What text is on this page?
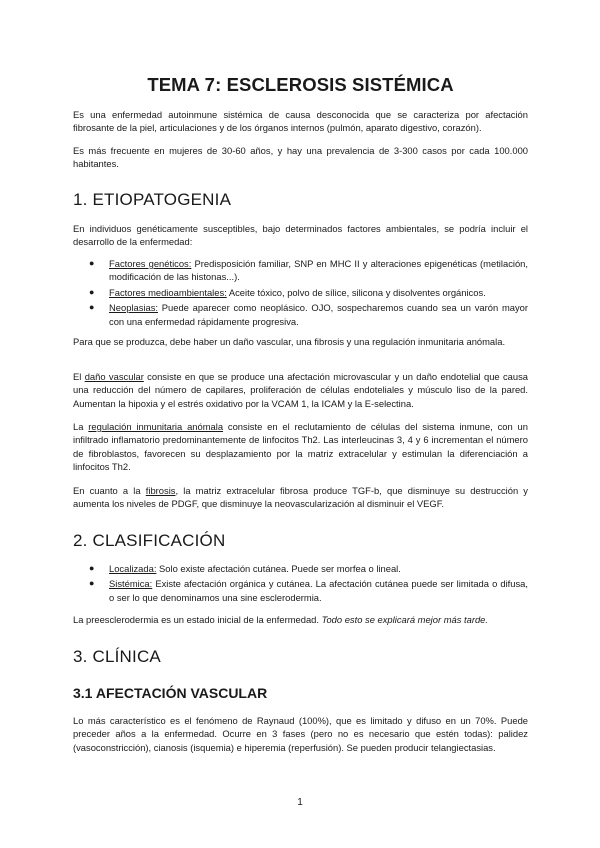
TEMA 7: ESCLEROSIS SISTÉMICA

Es una enfermedad autoinmune sistémica de causa desconocida que se caracteriza por afectación fibrosante de la piel, articulaciones y de los órganos internos (pulmón, aparato digestivo, corazón).

Es más frecuente en mujeres de 30-60 años, y hay una prevalencia de 3-300 casos por cada 100.000 habitantes.

1. ETIOPATOGENIA

En individuos genéticamente susceptibles, bajo determinados factores ambientales, se podría incluir el desarrollo de la enfermedad:

● Factores genéticos: Predisposición familiar, SNP en MHC II y alteraciones epigenéticas (metilación, modificación de las histonas...).
● Factores medioambientales: Aceite tóxico, polvo de sílice, silicona y disolventes orgánicos.
● Neoplasias: Puede aparecer como neoplásico. OJO, sospecharemos cuando sea un varón mayor con una enfermedad rápidamente progresiva.

Para que se produzca, debe haber un daño vascular, una fibrosis y una regulación inmunitaria anómala.

El daño vascular consiste en que se produce una afectación microvascular y un daño endotelial que causa una reducción del número de capilares, proliferación de células endoteliales y músculo liso de la pared. Aumentan la hipoxia y el estrés oxidativo por la VCAM 1, la ICAM y la E-selectina.

La regulación inmunitaria anómala consiste en el reclutamiento de células del sistema inmune, con un infiltrado inflamatorio predominantemente de linfocitos Th2. Las interleucinas 3, 4 y 6 incrementan el número de fibroblastos, favorecen su desplazamiento por la matriz extracelular y estimulan la diferenciación a linfocitos Th2.

En cuanto a la fibrosis, la matriz extracelular fibrosa produce TGF-b, que disminuye su destrucción y aumenta los niveles de PDGF, que disminuye la neovascularización al disminuir el VEGF.

2. CLASIFICACIÓN
● Localizada: Solo existe afectación cutánea. Puede ser morfea o lineal.
● Sistémica: Existe afectación orgánica y cutánea. La afectación cutánea puede ser limitada o difusa, o ser lo que denominamos una sine esclerodermia.

La preesclerodermia es un estado inicial de la enfermedad. Todo esto se explicará mejor más tarde.

3. CLÍNICA
3.1 AFECTACIÓN VASCULAR

Lo más característico es el fenómeno de Raynaud (100%), que es limitado y difuso en un 70%. Puede preceder años a la enfermedad. Ocurre en 3 fases (pero no es necesario que estén todas): palidez (vasoconstricción), cianosis (isquemia) e hiperemia (reperfusión). Se pueden producir telangiectasias.

1
